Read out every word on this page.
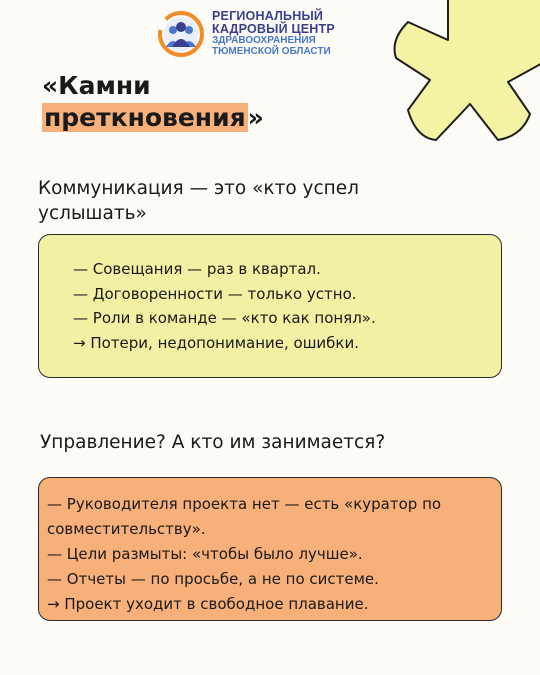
РЕГИОНАЛЬНЫЙ
КАДРОВЫЙ ЦЕНТР
ЗДРАВООХРАНЕНИЯ
ТЮМЕНСКОЙ ОБЛАСТИ
«Камни
преткновения»
Коммуникация — это «кто успел услышать»
— Совещания — раз в квартал.
— Договоренности — только устно.
— Роли в команде — «кто как понял».
→ Потери, недопонимание, ошибки.
Управление? А кто им занимается?
— Руководителя проекта нет — есть «куратор по совместительству».
— Цели размыты: «чтобы было лучше».
— Отчеты — по просьбе, а не по системе.
→ Проект уходит в свободное плавание.
